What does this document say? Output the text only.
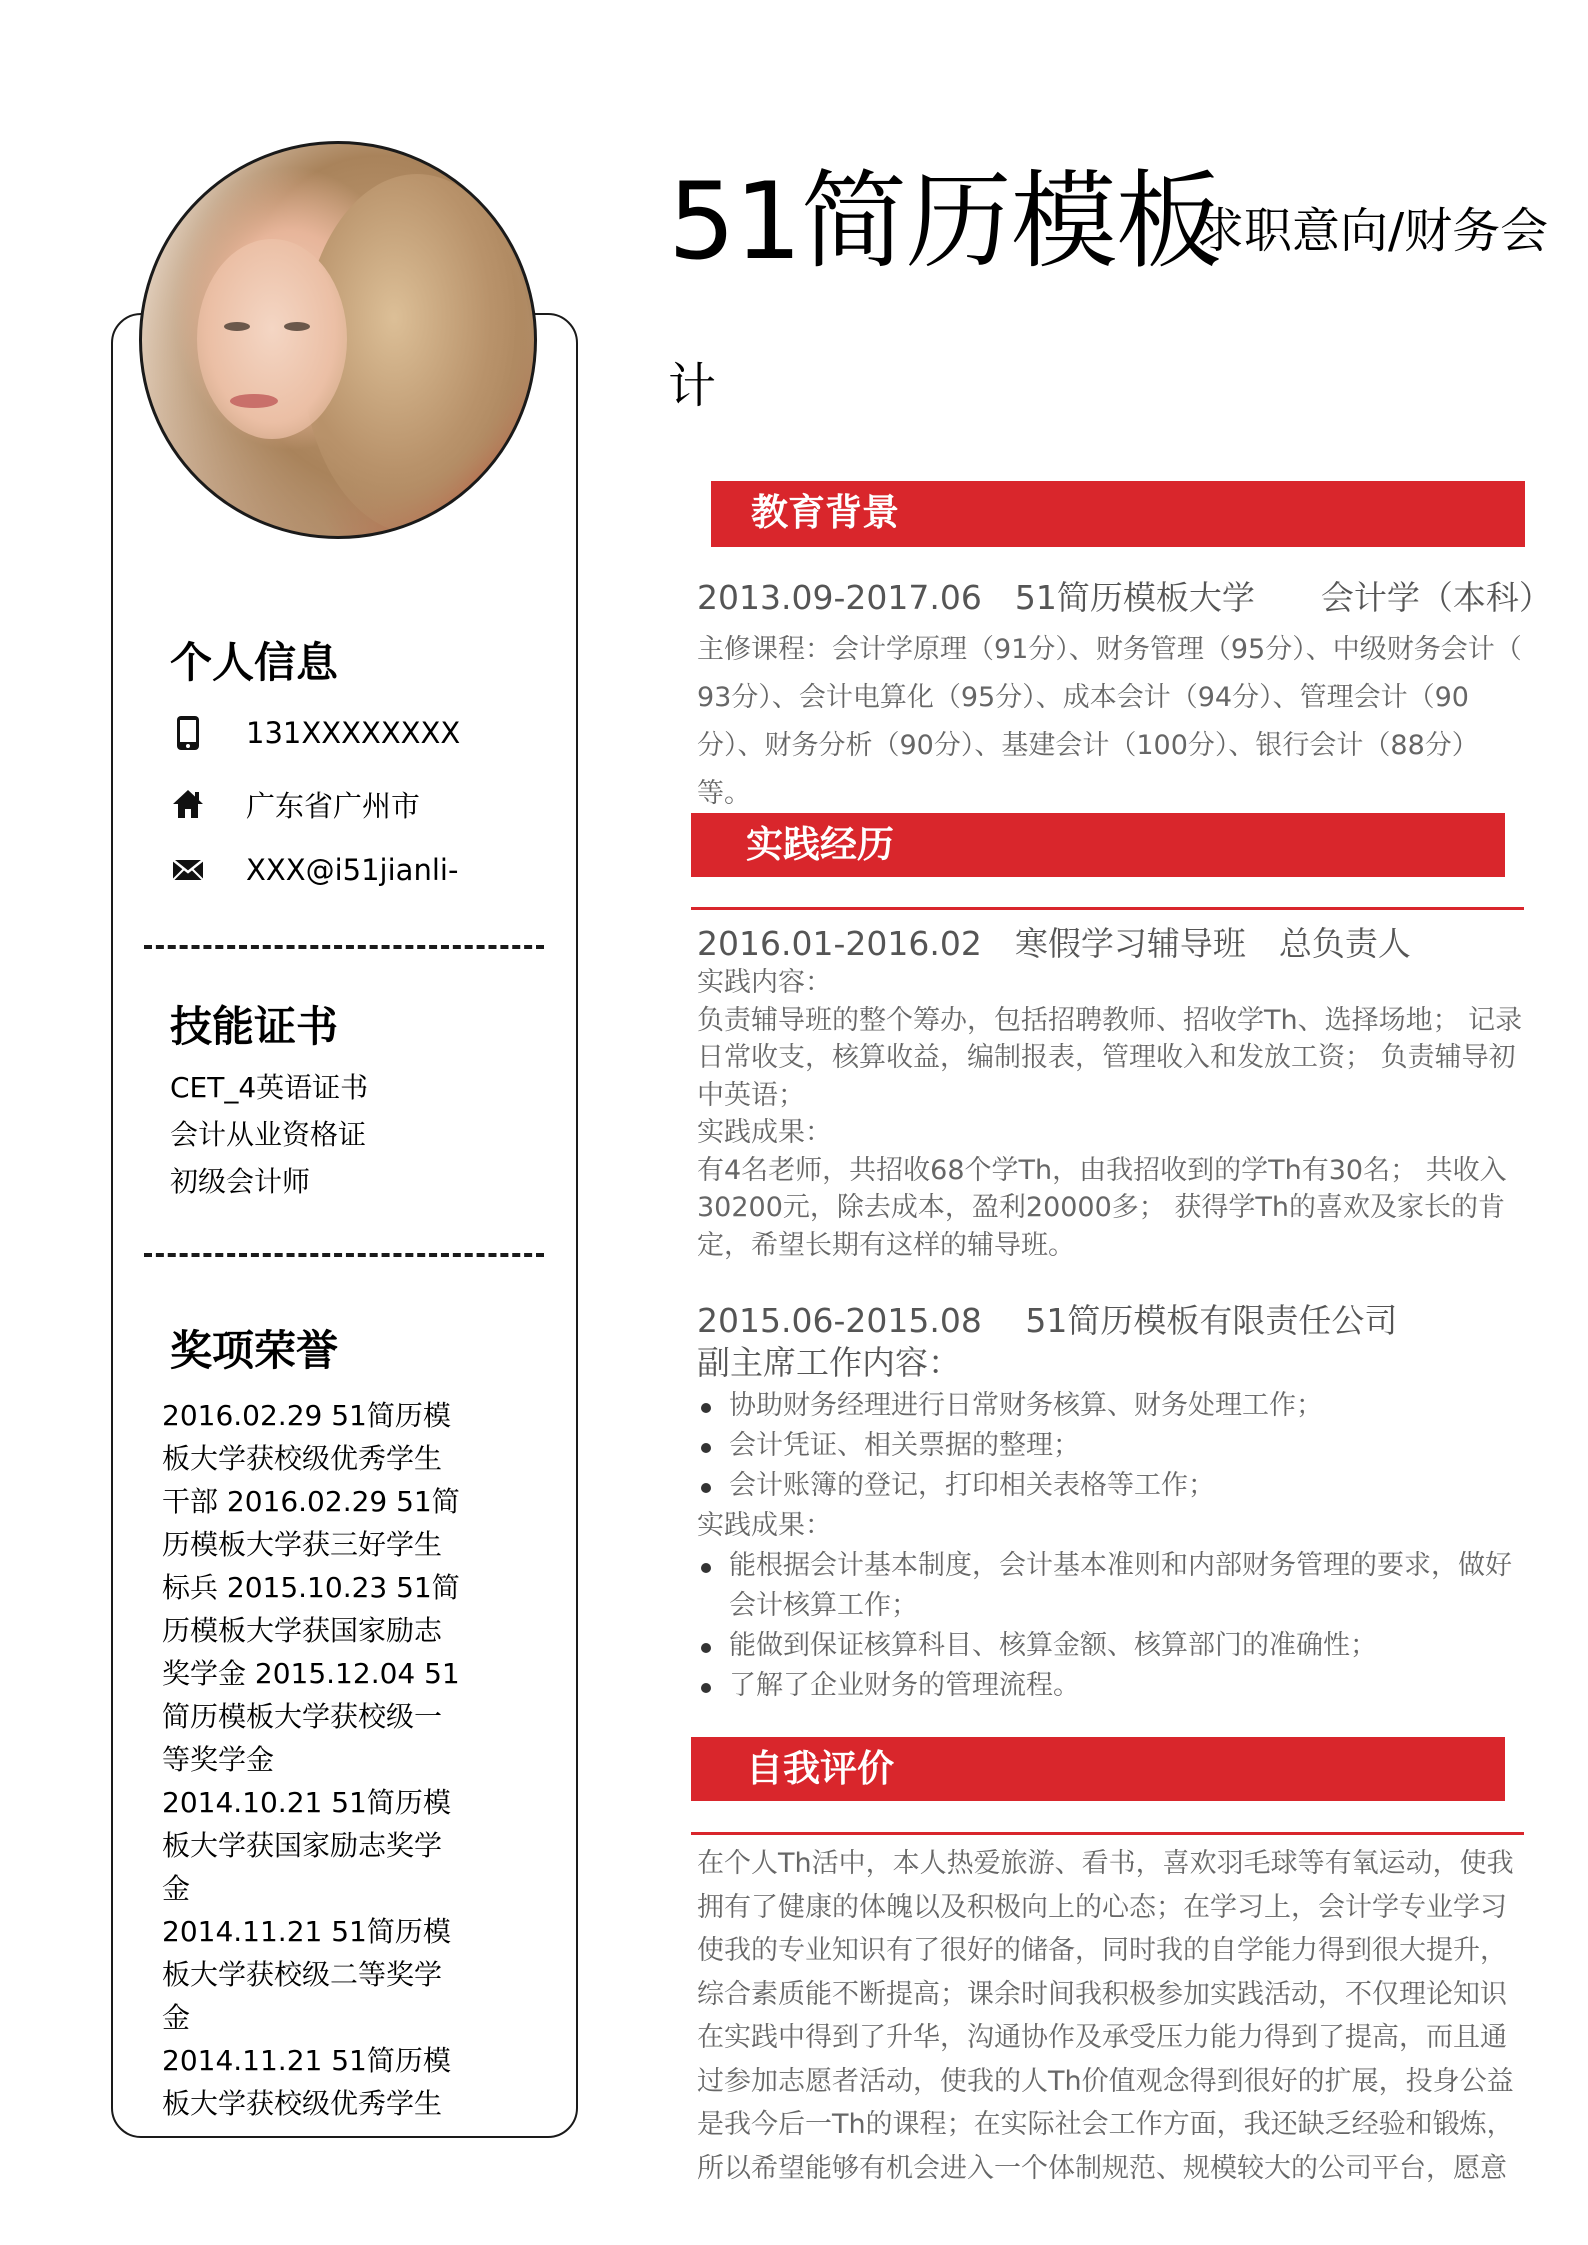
个人信息
131XXXXXXXX
广东省广州市
XXX@i51jianli-
技能证书
CET_4英语证书
会计从业资格证
初级会计师
奖项荣誉
2016.02.29 51简历模板大学获校级优秀学生干部 2016.02.29 51简历模板大学获三好学生标兵 2015.10.23 51简历模板大学获国家励志奖学金 2015.12.04 51简历模板大学获校级一等奖学金
2014.10.21 51简历模板大学获国家励志奖学金
2014.11.21 51简历模板大学获校级二等奖学金
2014.11.21 51简历模板大学获校级优秀学生
51简历模板
求职意向/财务会
计
教育背景
2013.09-2017.06　51简历模板大学　　会计学（本科）
主修课程：会计学原理（91分）、财务管理（95分）、中级财务会计（ 93分）、会计电算化（95分）、成本会计（94分）、管理会计（90分）、财务分析（90分）、基建会计（100分）、银行会计（88分）等。
实践经历
2016.01-2016.02　寒假学习辅导班　总负责人

实践内容：

负责辅导班的整个筹办，包括招聘教师、招收学Th、选择场地； 记录日常收支，核算收益，编制报表，管理收入和发放工资； 负责辅导初中英语；

实践成果：

有4名老师，共招收68个学Th，由我招收到的学Th有30名； 共收入30200元，除去成本，盈利20000多； 获得学Th的喜欢及家长的肯定，希望长期有这样的辅导班。

2015.06-2015.08　 51简历模板有限责任公司 副主席工作内容：
协助财务经理进行日常财务核算、财务处理工作；
会计凭证、相关票据的整理；
会计账簿的登记，打印相关表格等工作；

实践成果：

能根据会计基本制度，会计基本准则和内部财务管理的要求，做好会计核算工作；
能做到保证核算科目、核算金额、核算部门的准确性；
了解了企业财务的管理流程。
自我评价
在个人Th活中，本人热爱旅游、看书，喜欢羽毛球等有氧运动，使我拥有了健康的体魄以及积极向上的心态；在学习上，会计学专业学习使我的专业知识有了很好的储备，同时我的自学能力得到很大提升，综合素质能不断提高；课余时间我积极参加实践活动，不仅理论知识在实践中得到了升华，沟通协作及承受压力能力得到了提高，而且通过参加志愿者活动，使我的人Th价值观念得到很好的扩展，投身公益是我今后一Th的课程；在实际社会工作方面，我还缺乏经验和锻炼，所以希望能够有机会进入一个体制规范、规模较大的公司平台，愿意
